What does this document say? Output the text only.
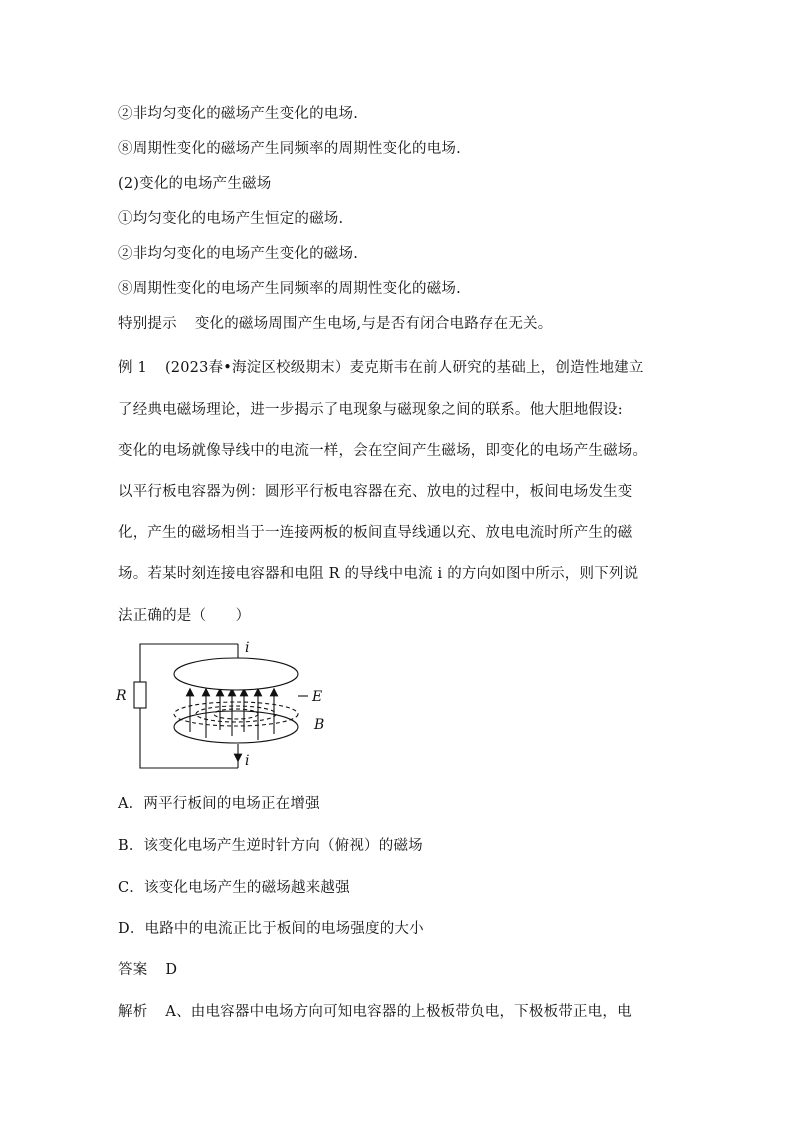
②非均匀变化的磁场产生变化的电场.
⑧周期性变化的磁场产生同频率的周期性变化的电场.
(2)变化的电场产生磁场
①均匀变化的电场产生恒定的磁场.
②非均匀变化的电场产生变化的磁场.
⑧周期性变化的电场产生同频率的周期性变化的磁场.
特别提示 变化的磁场周围产生电场,与是否有闭合电路存在无关。
例 1 (2023春•海淀区校级期末）麦克斯韦在前人研究的基础上，创造性地建立
了经典电磁场理论，进一步揭示了电现象与磁现象之间的联系。他大胆地假设:
变化的电场就像导线中的电流一样，会在空间产生磁场，即变化的电场产生磁场。
以平行板电容器为例：圆形平行板电容器在充、放电的过程中，板间电场发生变
化，产生的磁场相当于一连接两板的板间直导线通以充、放电电流时所产生的磁
场。若某时刻连接电容器和电阻 R 的导线中电流 i 的方向如图中所示，则下列说
法正确的是（　　）
i
i
R	E
B
A．两平行板间的电场正在增强
B．该变化电场产生逆时针方向（俯视）的磁场
C．该变化电场产生的磁场越来越强
D．电路中的电流正比于板间的电场强度的大小
答案 D
解析 A、由电容器中电场方向可知电容器的上极板带负电，下极板带正电，电
